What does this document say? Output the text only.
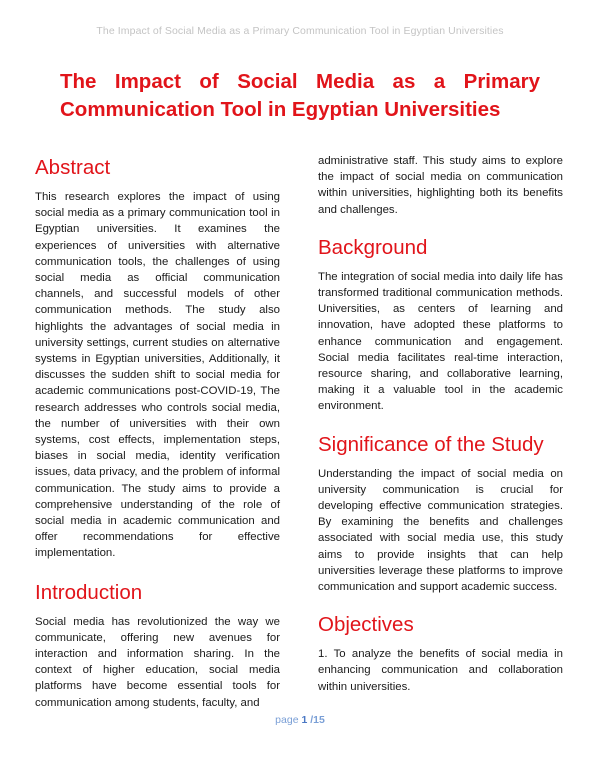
The Impact of Social Media as a Primary Communication Tool in Egyptian Universities
The Impact of Social Media as a Primary Communication Tool in Egyptian Universities
Abstract

This research explores the impact of using social media as a primary communication tool in Egyptian universities. It examines the experiences of universities with alternative communication tools, the challenges of using social media as official communication channels, and successful models of other communication methods. The study also highlights the advantages of social media in university settings, current studies on alternative systems in Egyptian universities, Additionally, it discusses the sudden shift to social media for academic communications post-COVID-19, The research addresses who controls social media, the number of universities with their own systems, cost effects, implementation steps, biases in social media, identity verification issues, data privacy, and the problem of informal communication. The study aims to provide a comprehensive understanding of the role of social media in academic communication and offer recommendations for effective implementation.

Introduction

Social media has revolutionized the way we communicate, offering new avenues for interaction and information sharing. In the context of higher education, social media platforms have become essential tools for communication among students, faculty, and

administrative staff. This study aims to explore the impact of social media on communication within universities, highlighting both its benefits and challenges.

Background

The integration of social media into daily life has transformed traditional communication methods. Universities, as centers of learning and innovation, have adopted these platforms to enhance communication and engagement. Social media facilitates real-time interaction, resource sharing, and collaborative learning, making it a valuable tool in the academic environment.

Significance of the Study

Understanding the impact of social media on university communication is crucial for developing effective communication strategies. By examining the benefits and challenges associated with social media use, this study aims to provide insights that can help universities leverage these platforms to improve communication and support academic success.

Objectives

1. To analyze the benefits of social media in enhancing communication and collaboration within universities.

page 1 /15
